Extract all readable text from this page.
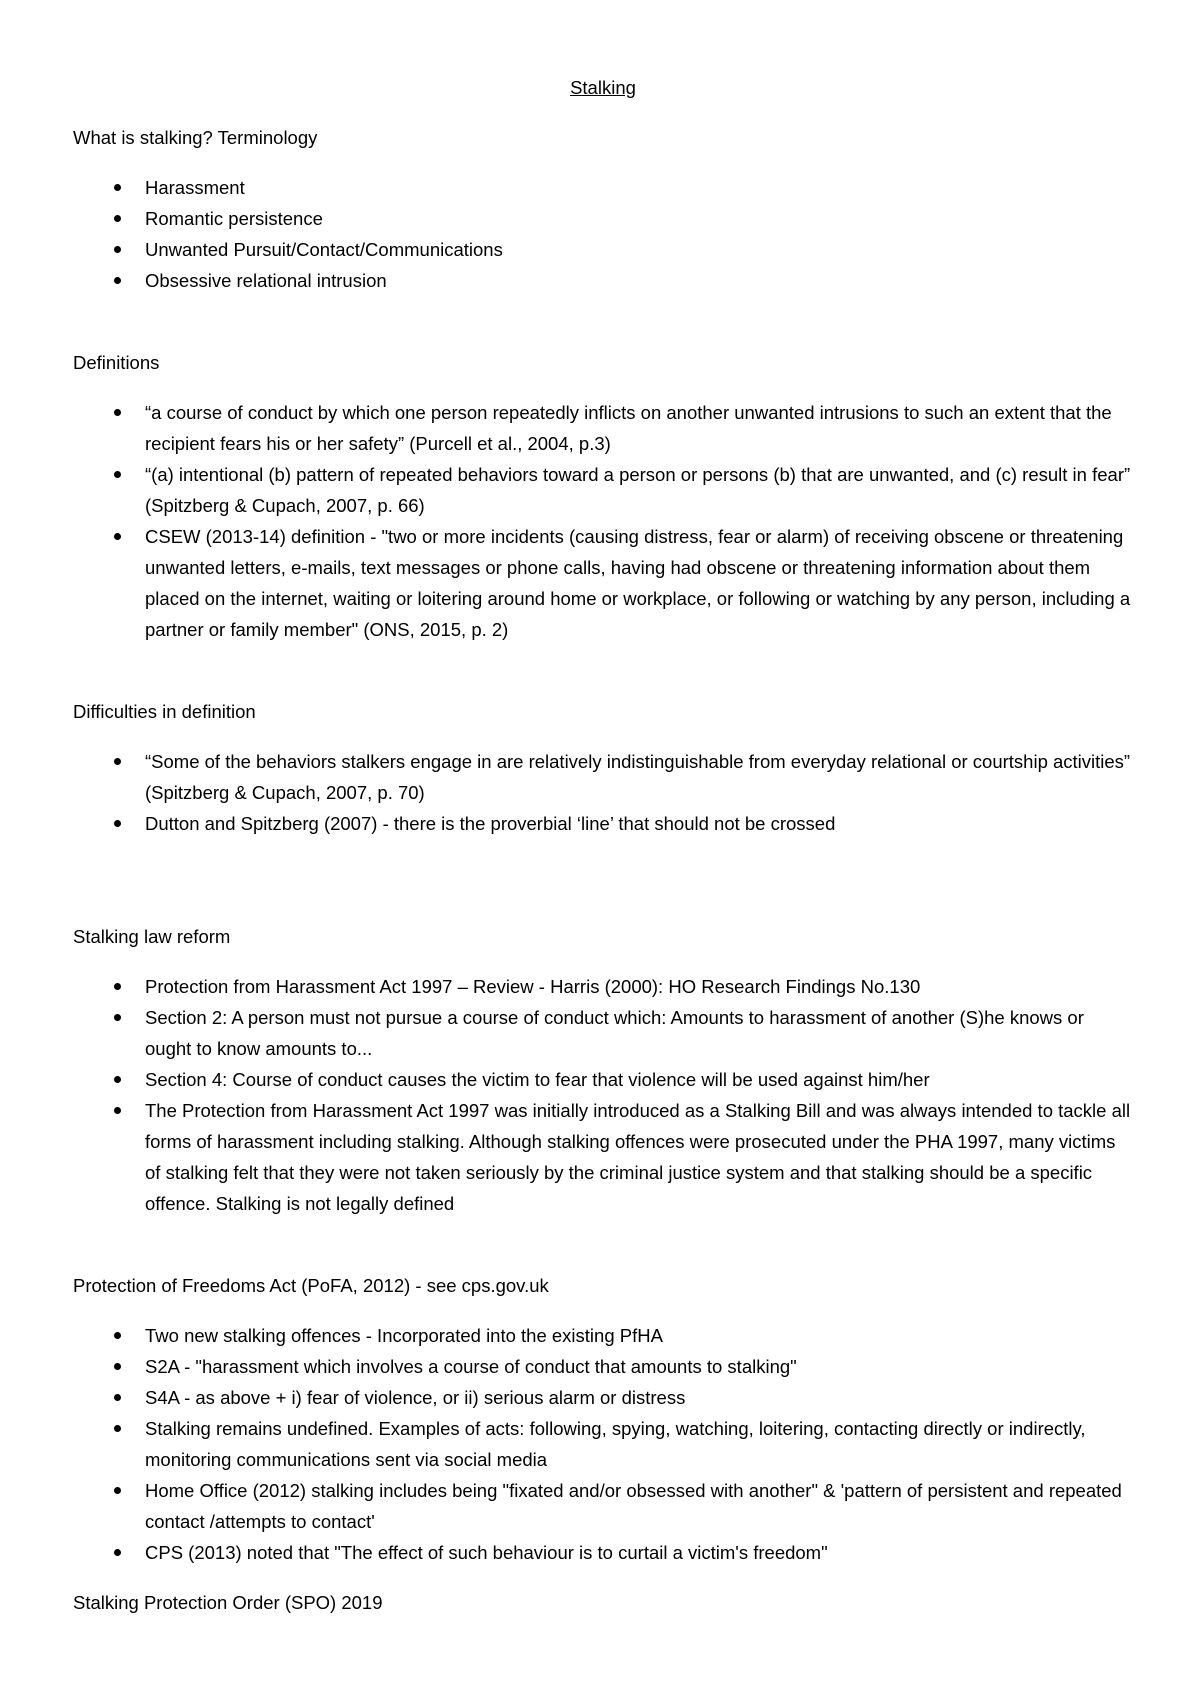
Stalking
What is stalking? Terminology
Harassment
Romantic persistence
Unwanted Pursuit/Contact/Communications
Obsessive relational intrusion
Definitions
“a course of conduct by which one person repeatedly inflicts on another unwanted intrusions to such an extent that the recipient fears his or her safety” (Purcell et al., 2004, p.3)
“(a) intentional (b) pattern of repeated behaviors toward a person or persons (b) that are unwanted, and (c) result in fear” (Spitzberg & Cupach, 2007, p. 66)
CSEW (2013-14) definition - "two or more incidents (causing distress, fear or alarm) of receiving obscene or threatening unwanted letters, e-mails, text messages or phone calls, having had obscene or threatening information about them placed on the internet, waiting or loitering around home or workplace, or following or watching by any person, including a partner or family member" (ONS, 2015, p. 2)
Difficulties in definition
“Some of the behaviors stalkers engage in are relatively indistinguishable from everyday relational or courtship activities” (Spitzberg & Cupach, 2007, p. 70)
Dutton and Spitzberg (2007) - there is the proverbial ‘line’ that should not be crossed
Stalking law reform
Protection from Harassment Act 1997 – Review - Harris (2000): HO Research Findings No.130
Section 2: A person must not pursue a course of conduct which: Amounts to harassment of another (S)he knows or ought to know amounts to...
Section 4: Course of conduct causes the victim to fear that violence will be used against him/her
The Protection from Harassment Act 1997 was initially introduced as a Stalking Bill and was always intended to tackle all forms of harassment including stalking. Although stalking offences were prosecuted under the PHA 1997, many victims of stalking felt that they were not taken seriously by the criminal justice system and that stalking should be a specific offence. Stalking is not legally defined
Protection of Freedoms Act (PoFA, 2012) - see cps.gov.uk
Two new stalking offences - Incorporated into the existing PfHA
S2A - "harassment which involves a course of conduct that amounts to stalking"
S4A - as above + i) fear of violence, or ii) serious alarm or distress
Stalking remains undefined. Examples of acts: following, spying, watching, loitering, contacting directly or indirectly, monitoring communications sent via social media
Home Office (2012) stalking includes being "fixated and/or obsessed with another" & 'pattern of persistent and repeated contact /attempts to contact'
CPS (2013) noted that "The effect of such behaviour is to curtail a victim's freedom"
Stalking Protection Order (SPO) 2019
